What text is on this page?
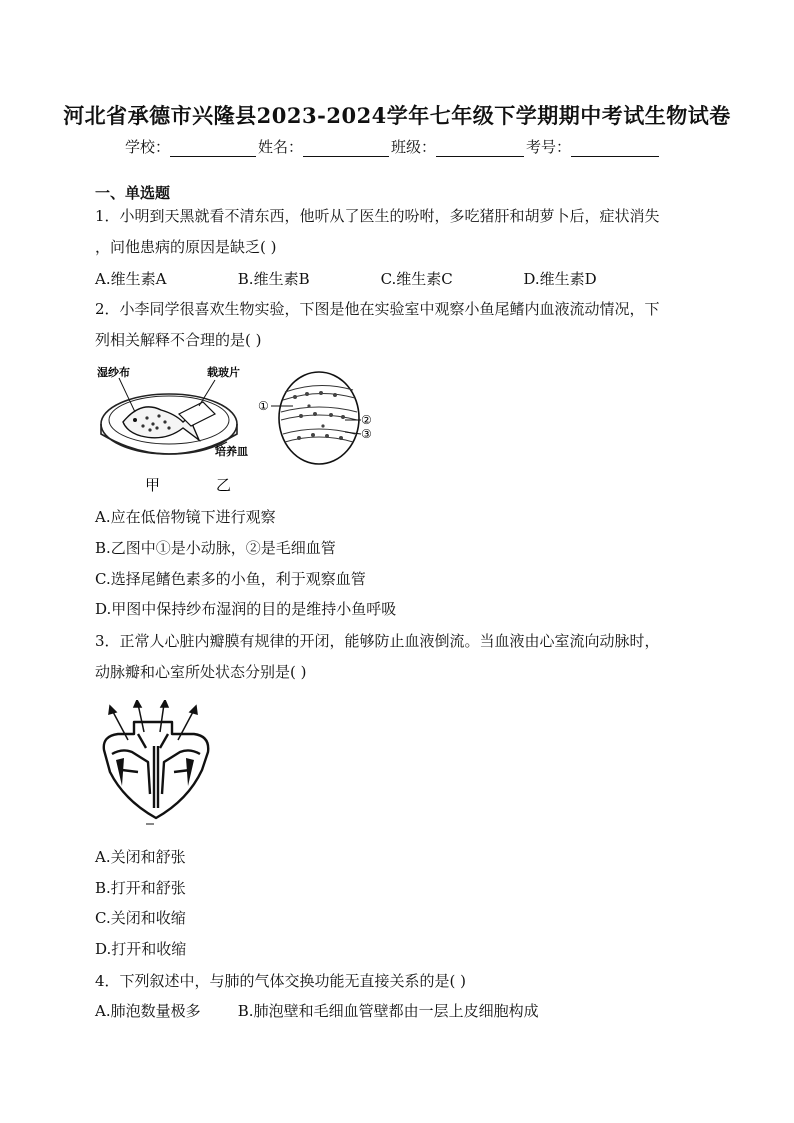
河北省承德市兴隆县2023-2024学年七年级下学期期中考试生物试卷
学校：	姓名：	班级：	考号：
一、单选题
1．小明到天黑就看不清东西，他听从了医生的吩咐，多吃猪肝和胡萝卜后，症状消失
，问他患病的原因是缺乏( )
A.维生素A	B.维生素B	C.维生素C	D.维生素D
2．小李同学很喜欢生物实验，下图是他在实验室中观察小鱼尾鳍内血液流动情况，下
列相关解释不合理的是( )
湿纱布	载玻片
培养皿
①
②
③
甲	乙
A.应在低倍物镜下进行观察
B.乙图中①是小动脉，②是毛细血管
C.选择尾鳍色素多的小鱼，利于观察血管
D.甲图中保持纱布湿润的目的是维持小鱼呼吸
3．正常人心脏内瓣膜有规律的开闭，能够防止血液倒流。当血液由心室流向动脉时，
动脉瓣和心室所处状态分别是( )
A.关闭和舒张
B.打开和舒张
C.关闭和收缩
D.打开和收缩
4．下列叙述中，与肺的气体交换功能无直接关系的是( )
A.肺泡数量极多 B.肺泡壁和毛细血管壁都由一层上皮细胞构成
